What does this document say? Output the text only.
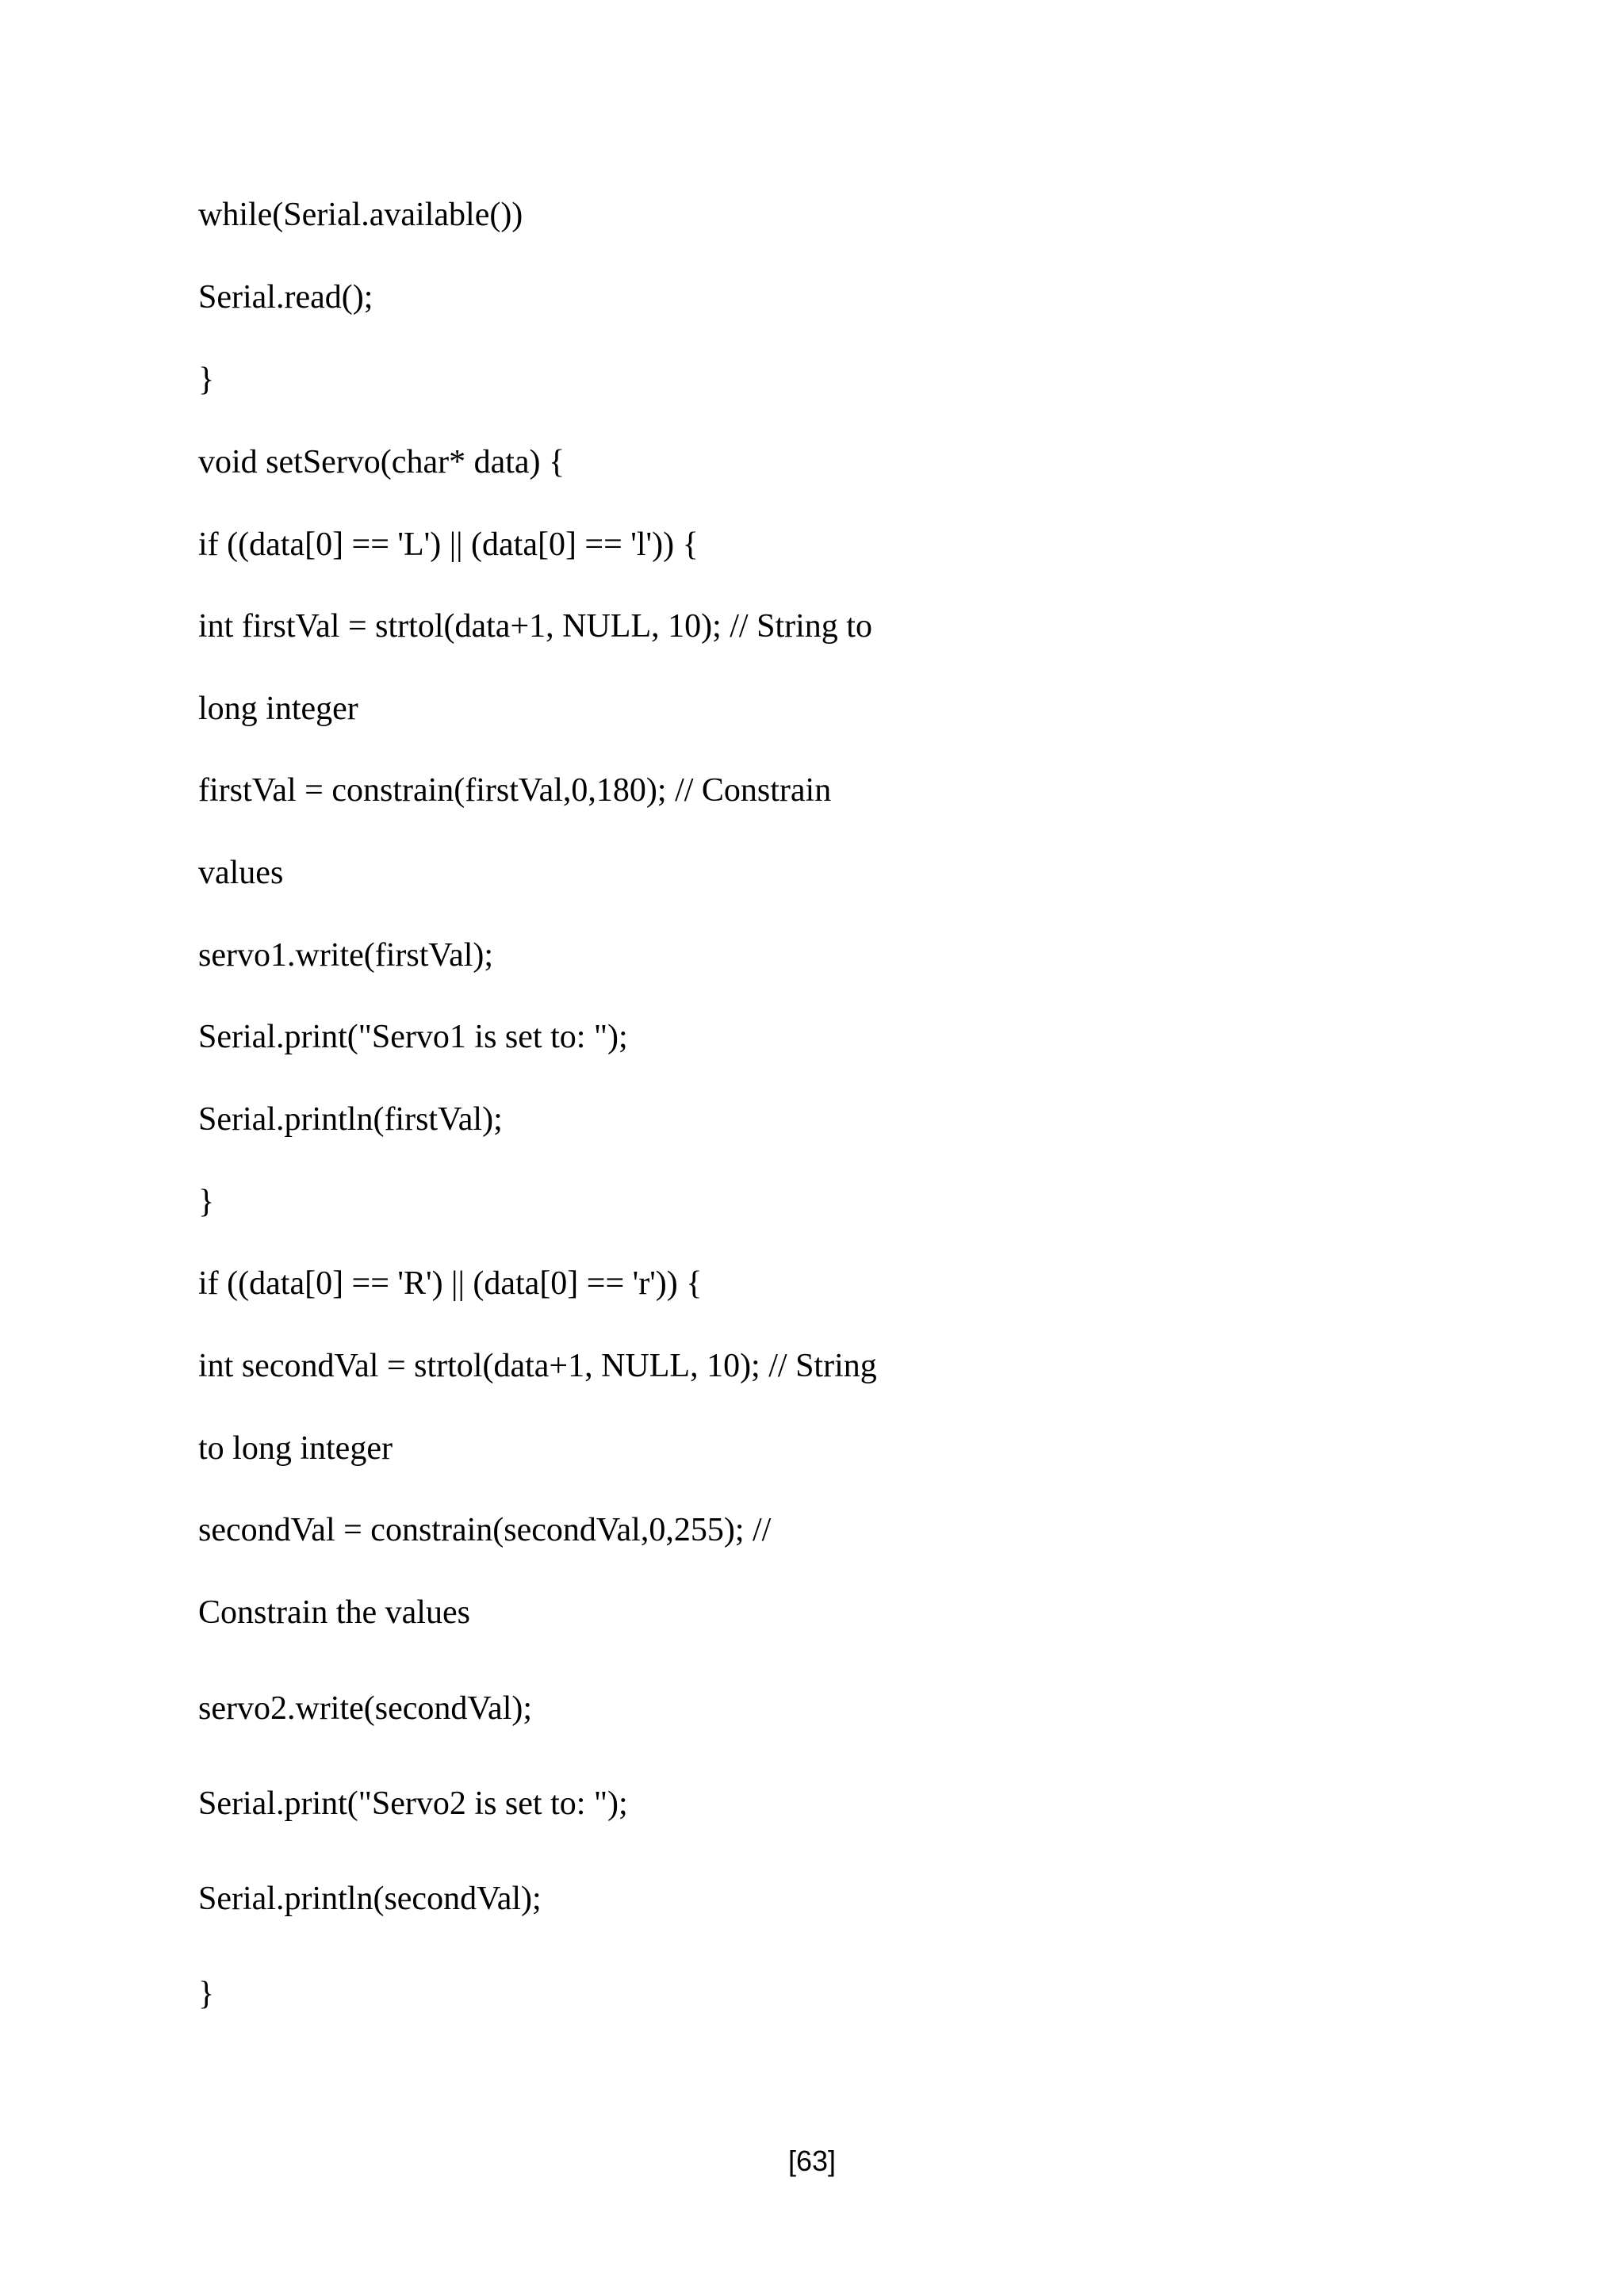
while(Serial.available())

Serial.read();

}

void setServo(char* data) {

if ((data[0] == 'L') || (data[0] == 'l')) {

int firstVal = strtol(data+1, NULL, 10); // String to

long integer

firstVal = constrain(firstVal,0,180); // Constrain

values

servo1.write(firstVal);

Serial.print("Servo1 is set to: ");

Serial.println(firstVal);

}

if ((data[0] == 'R') || (data[0] == 'r')) {

int secondVal = strtol(data+1, NULL, 10); // String

to long integer

secondVal = constrain(secondVal,0,255); //

Constrain the values

servo2.write(secondVal);

Serial.print("Servo2 is set to: ");

Serial.println(secondVal);

}

[63]
